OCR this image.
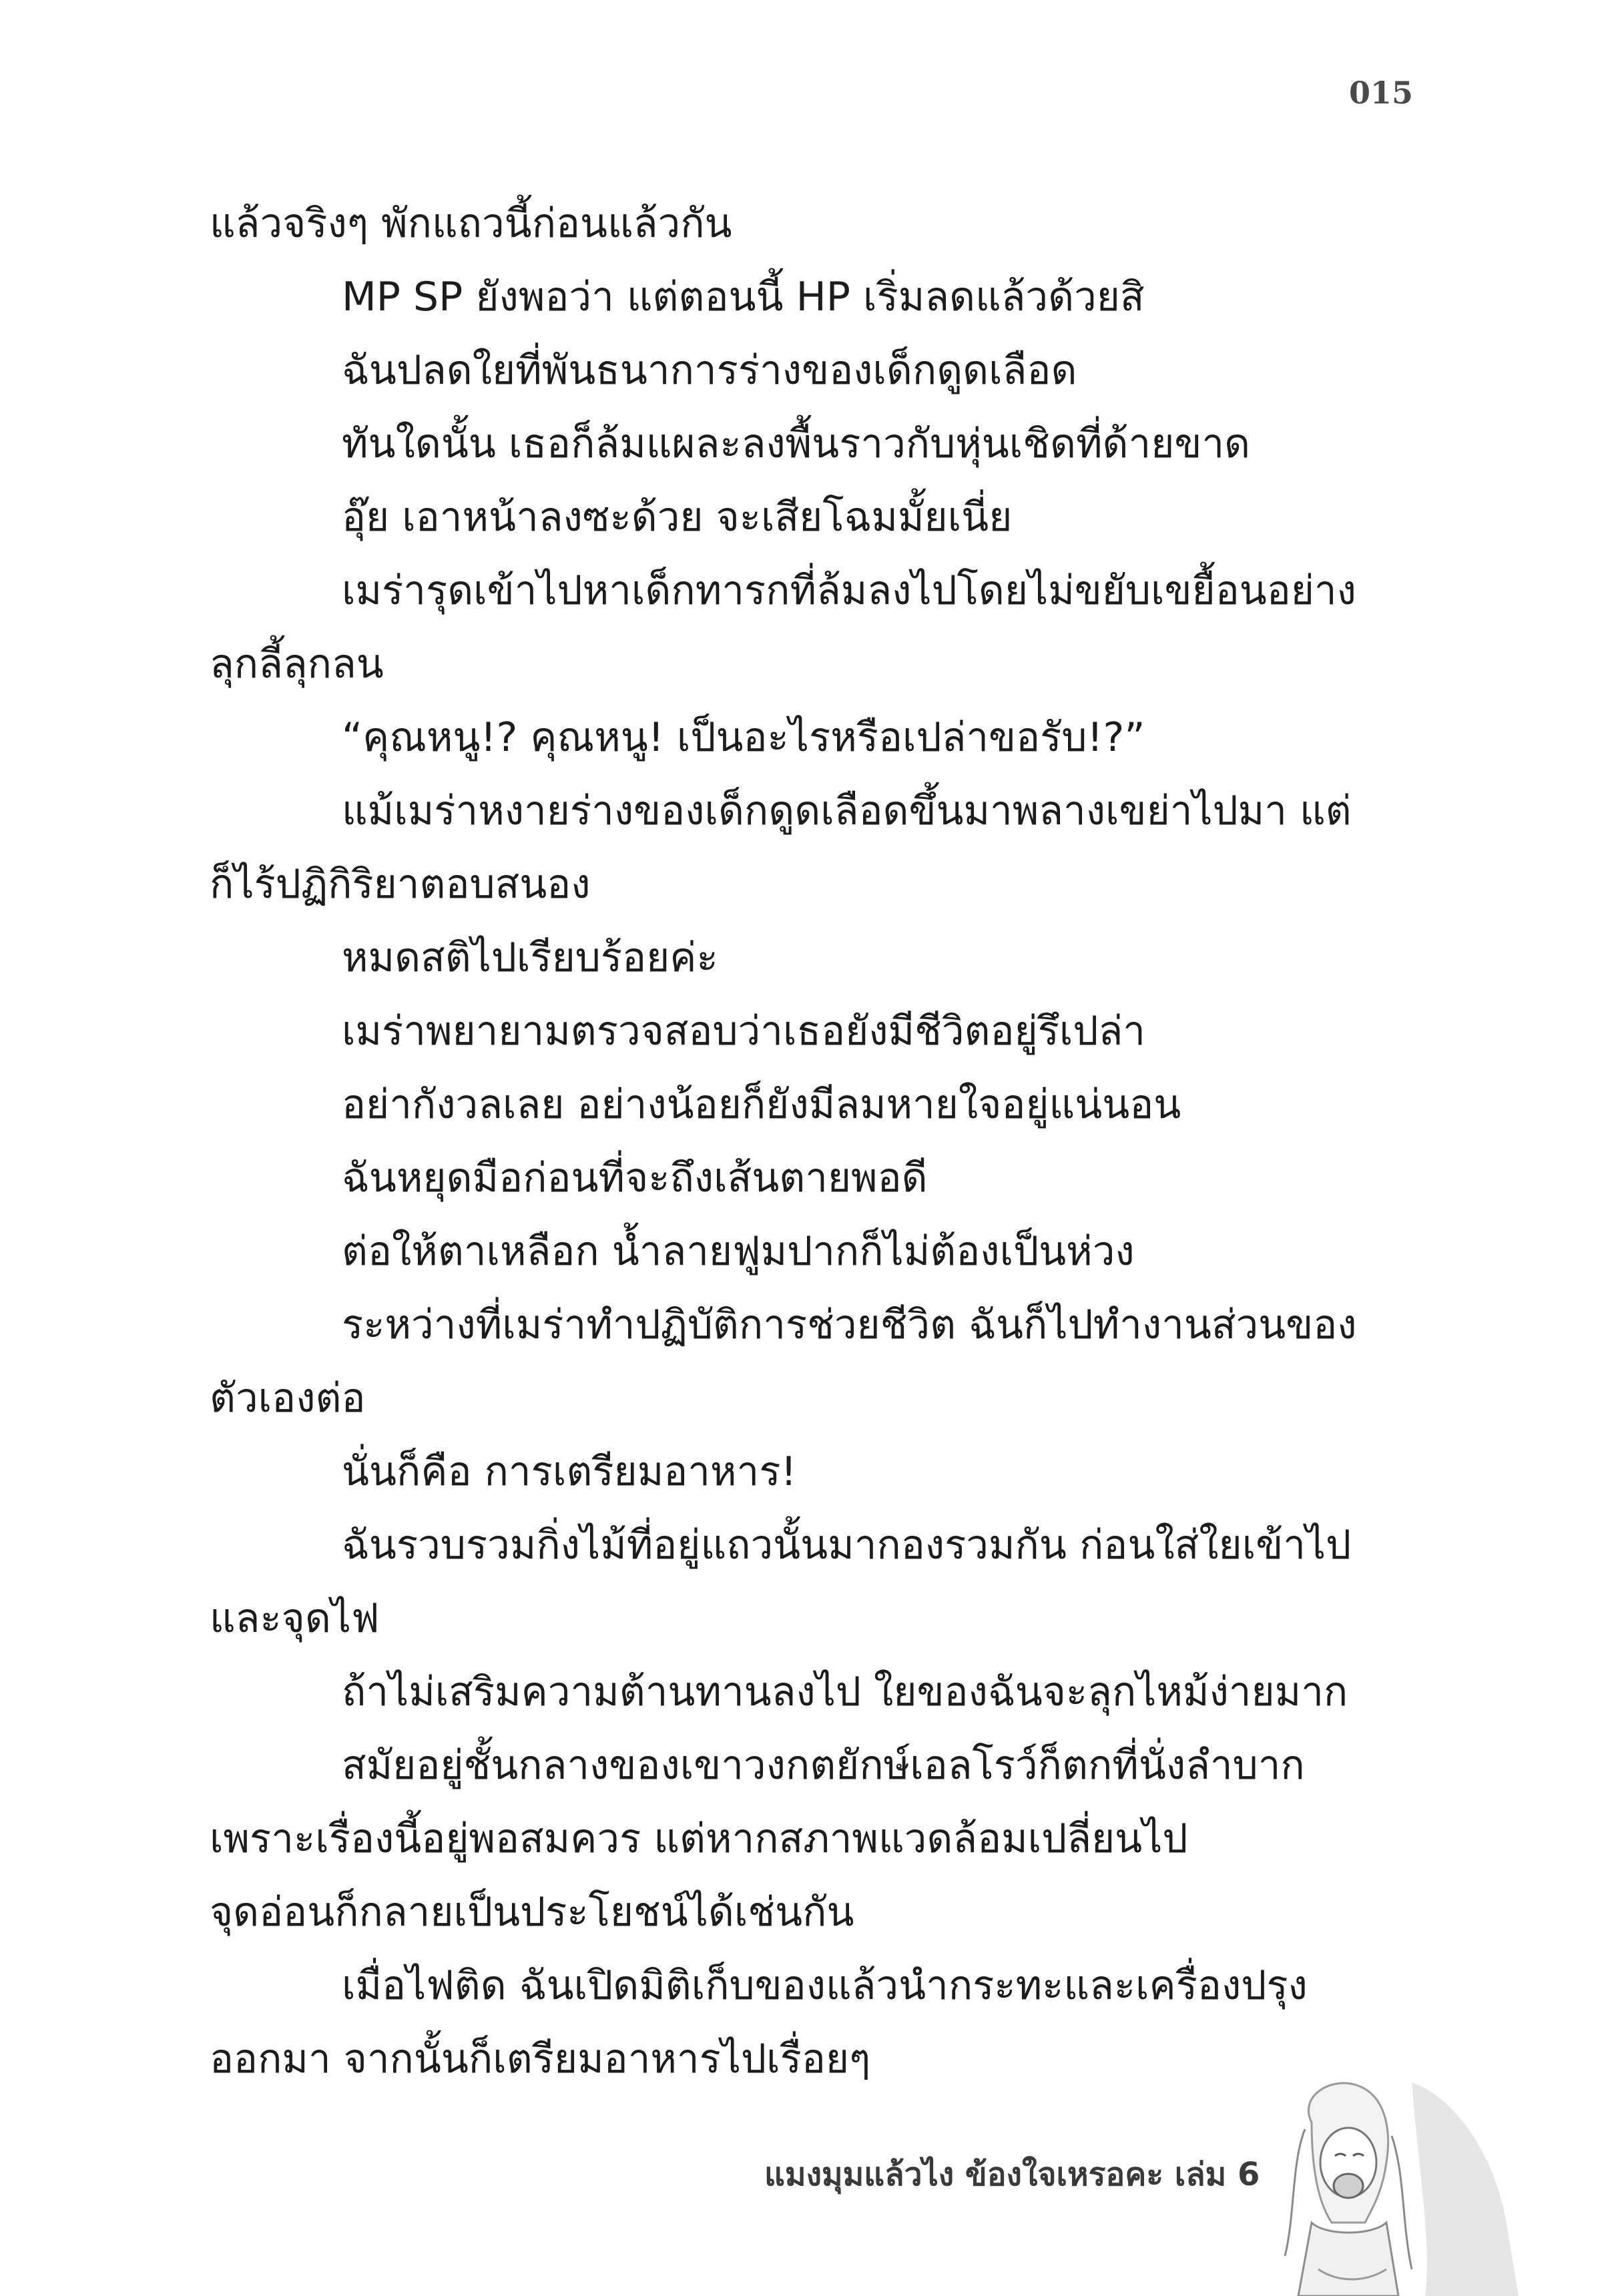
015
แล้วจริงๆ พักแถวนี้ก่อนแล้วกัน
MP SP ยังพอว่า แต่ตอนนี้ HP เริ่มลดแล้วด้วยสิ
ฉันปลดใยที่พันธนาการร่างของเด็กดูดเลือด
ทันใดนั้น เธอก็ล้มแผละลงพื้นราวกับหุ่นเชิดที่ด้ายขาด
อุ๊ย เอาหน้าลงซะด้วย จะเสียโฉมมั้ยเนี่ย
เมร่ารุดเข้าไปหาเด็กทารกที่ล้มลงไปโดยไม่ขยับเขยื้อนอย่าง
ลุกลี้ลุกลน
“คุณหนู!? คุณหนู! เป็นอะไรหรือเปล่าขอรับ!?”
แม้เมร่าหงายร่างของเด็กดูดเลือดขึ้นมาพลางเขย่าไปมา แต่
ก็ไร้ปฏิกิริยาตอบสนอง
หมดสติไปเรียบร้อยค่ะ
เมร่าพยายามตรวจสอบว่าเธอยังมีชีวิตอยู่รึเปล่า
อย่ากังวลเลย อย่างน้อยก็ยังมีลมหายใจอยู่แน่นอน
ฉันหยุดมือก่อนที่จะถึงเส้นตายพอดี
ต่อให้ตาเหลือก น้ำลายฟูมปากก็ไม่ต้องเป็นห่วง
ระหว่างที่เมร่าทำปฏิบัติการช่วยชีวิต ฉันก็ไปทำงานส่วนของ
ตัวเองต่อ
นั่นก็คือ การเตรียมอาหาร!
ฉันรวบรวมกิ่งไม้ที่อยู่แถวนั้นมากองรวมกัน ก่อนใส่ใยเข้าไป
และจุดไฟ
ถ้าไม่เสริมความต้านทานลงไป ใยของฉันจะลุกไหม้ง่ายมาก
สมัยอยู่ชั้นกลางของเขาวงกตยักษ์เอลโรว์ก็ตกที่นั่งลำบาก
เพราะเรื่องนี้อยู่พอสมควร แต่หากสภาพแวดล้อมเปลี่ยนไป
จุดอ่อนก็กลายเป็นประโยชน์ได้เช่นกัน
เมื่อไฟติด ฉันเปิดมิติเก็บของแล้วนำกระทะและเครื่องปรุง
ออกมา จากนั้นก็เตรียมอาหารไปเรื่อยๆ
แมงมุมแล้วไง ข้องใจเหรอคะ เล่ม 6
